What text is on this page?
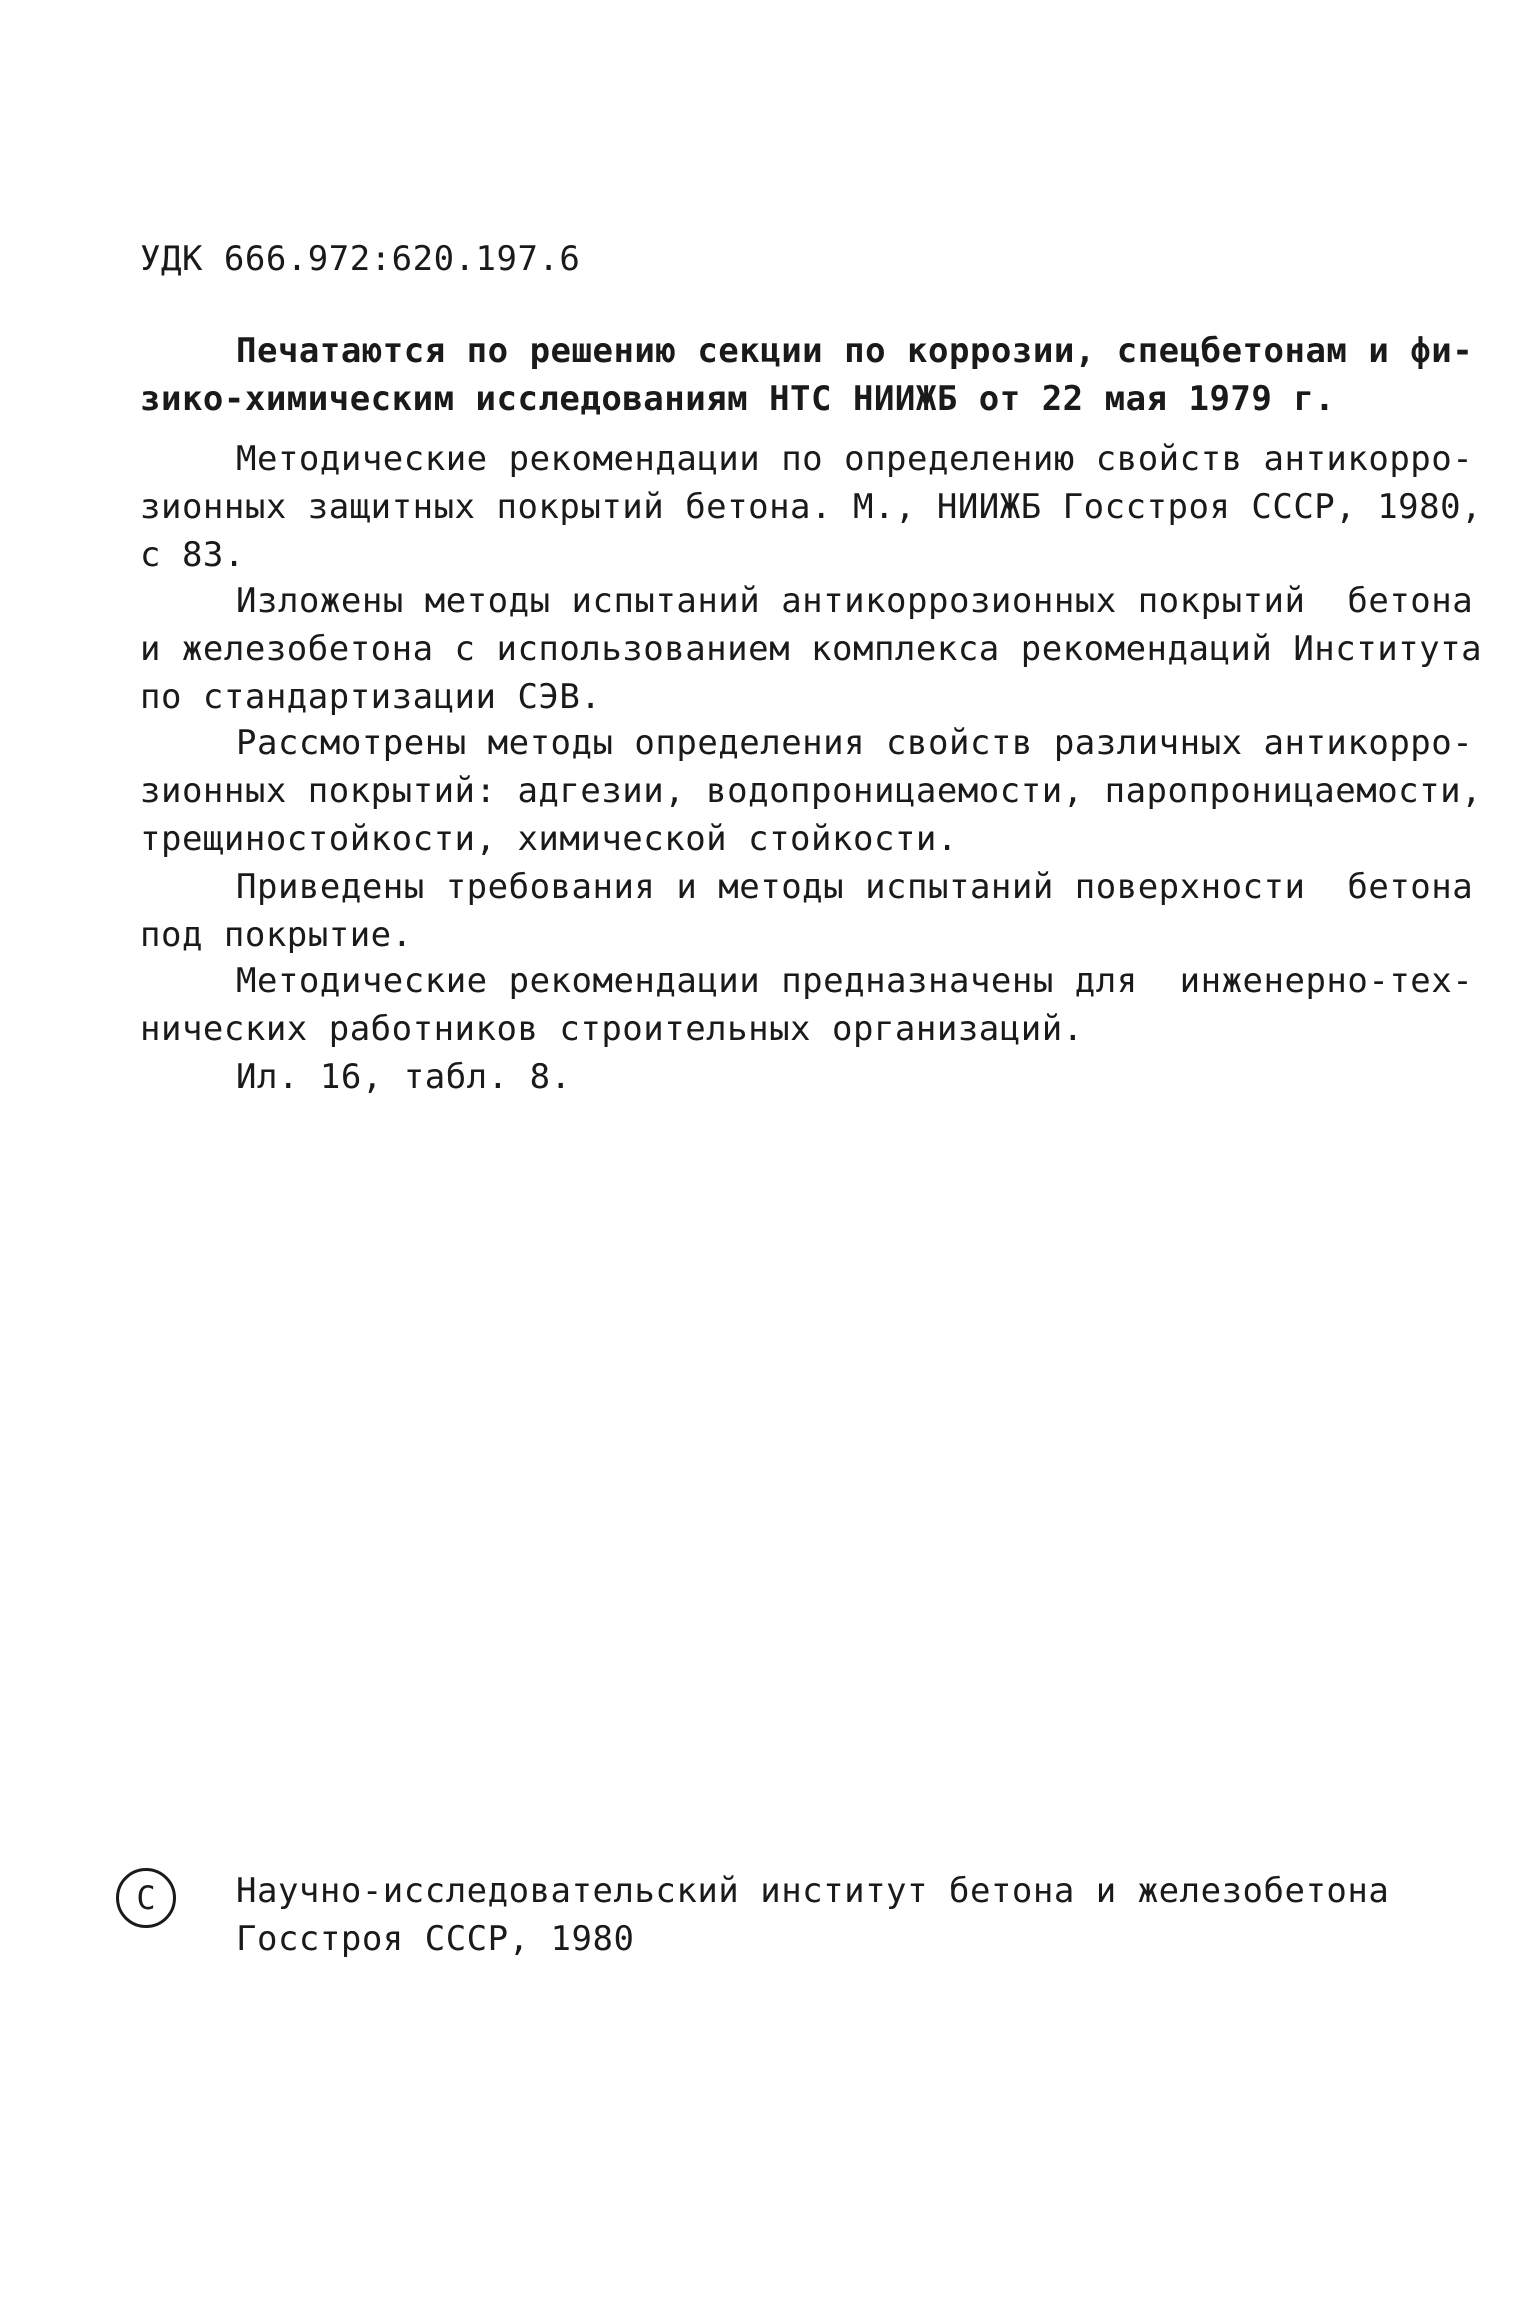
УДК 666.972:620.197.6
Печатаются по решению секции по коррозии, спецбетонам и фи-
зико-химическим исследованиям НТС НИИЖБ от 22 мая 1979 г.
Методические рекомендации по определению свойств антикорро-
зионных защитных покрытий бетона. М., НИИЖБ Госстроя СССР, 1980,
с 83.
Изложены методы испытаний антикоррозионных покрытий  бетона
и железобетона с использованием комплекса рекомендаций Института
по стандартизации СЭВ.
Рассмотрены методы определения свойств различных антикорро-
зионных покрытий: адгезии, водопроницаемости, паропроницаемости,
трещиностойкости, химической стойкости.
Приведены требования и методы испытаний поверхности  бетона
под покрытие.
Методические рекомендации предназначены для  инженерно-тех-
нических работников строительных организаций.
Ил. 16, табл. 8.
С Научно-исследовательский институт бетона и железобетона
Госстроя СССР, 1980
